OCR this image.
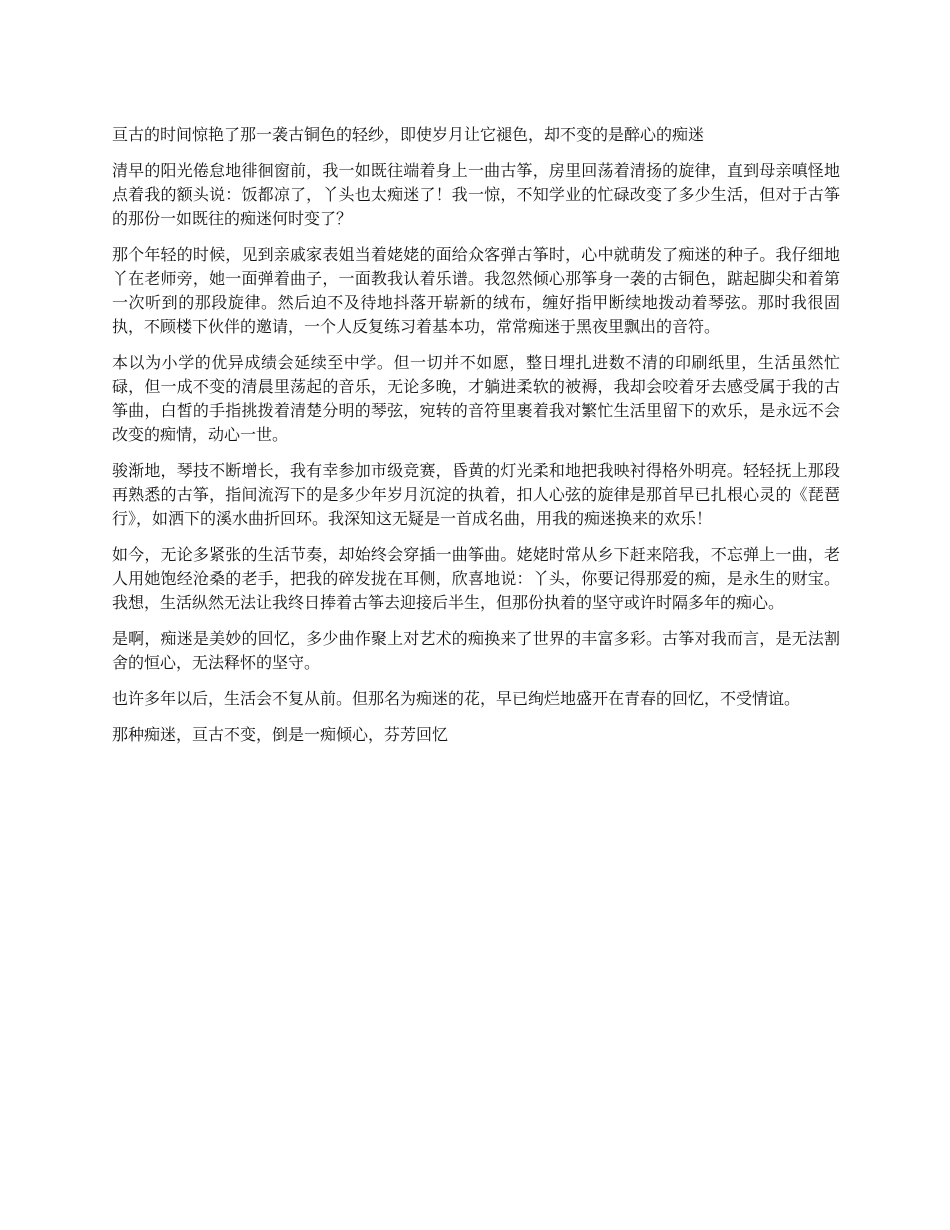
亘古的时间惊艳了那一袭古铜色的轻纱，即使岁月让它褪色，却不变的是醉心的痴迷

清早的阳光倦怠地徘徊窗前，我一如既往端着身上一曲古筝，房里回荡着清扬的旋律，直到母亲嗔怪地点着我的额头说：饭都凉了，丫头也太痴迷了！我一惊，不知学业的忙碌改变了多少生活，但对于古筝的那份一如既往的痴迷何时变了？

那个年轻的时候，见到亲戚家表姐当着姥姥的面给众客弹古筝时，心中就萌发了痴迷的种子。我仔细地丫在老师旁，她一面弹着曲子，一面教我认着乐谱。我忽然倾心那筝身一袭的古铜色，踮起脚尖和着第一次听到的那段旋律。然后迫不及待地抖落开崭新的绒布，缠好指甲断续地拨动着琴弦。那时我很固执，不顾楼下伙伴的邀请，一个人反复练习着基本功，常常痴迷于黑夜里飘出的音符。

本以为小学的优异成绩会延续至中学。但一切并不如愿，整日埋扎进数不清的印刷纸里，生活虽然忙碌，但一成不变的清晨里荡起的音乐，无论多晚，才躺进柔软的被褥，我却会咬着牙去感受属于我的古筝曲，白皙的手指挑拨着清楚分明的琴弦，宛转的音符里裹着我对繁忙生活里留下的欢乐，是永远不会改变的痴情，动心一世。

骏渐地，琴技不断增长，我有幸参加市级竞赛，昏黄的灯光柔和地把我映衬得格外明亮。轻轻抚上那段再熟悉的古筝，指间流泻下的是多少年岁月沉淀的执着，扣人心弦的旋律是那首早已扎根心灵的《琵琶行》，如洒下的溪水曲折回环。我深知这无疑是一首成名曲，用我的痴迷换来的欢乐！

如今，无论多紧张的生活节奏，却始终会穿插一曲筝曲。姥姥时常从乡下赶来陪我，不忘弹上一曲，老人用她饱经沧桑的老手，把我的碎发拢在耳侧，欣喜地说：丫头，你要记得那爱的痴，是永生的财宝。我想，生活纵然无法让我终日捧着古筝去迎接后半生，但那份执着的坚守或许时隔多年的痴心。

是啊，痴迷是美妙的回忆，多少曲作聚上对艺术的痴换来了世界的丰富多彩。古筝对我而言，是无法割舍的恒心，无法释怀的坚守。

也许多年以后，生活会不复从前。但那名为痴迷的花，早已绚烂地盛开在青春的回忆，不受情谊。

那种痴迷，亘古不变，倒是一痴倾心，芬芳回忆
